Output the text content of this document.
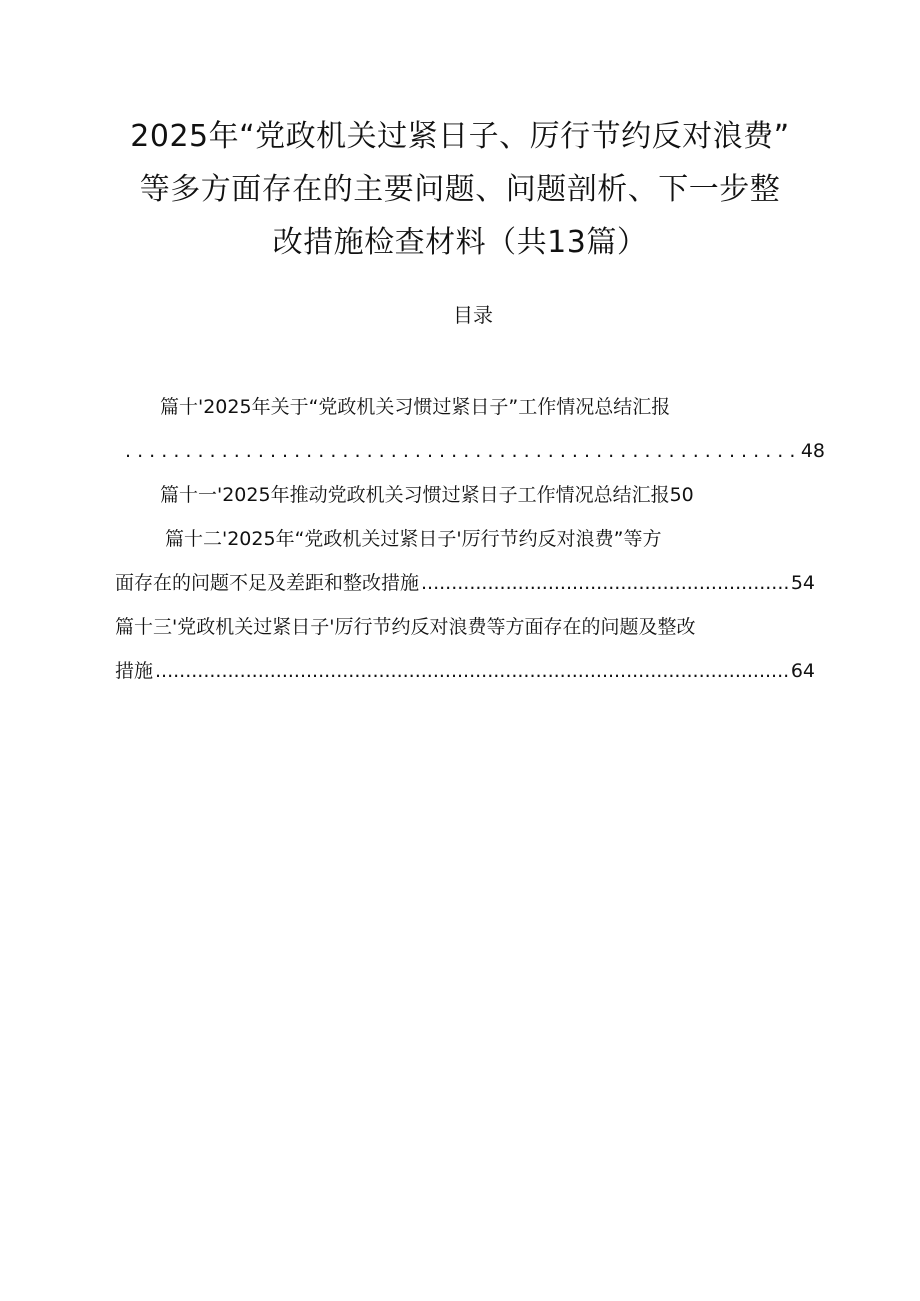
2025年“党政机关过紧日子、厉行节约反对浪费”
等多方面存在的主要问题、问题剖析、下一步整
改措施检查材料（共13篇）
目录
篇十'2025年关于“党政机关习惯过紧日子”工作情况总结汇报
. . .
48
篇十一'2025年推动党政机关习惯过紧日子工作情况总结汇报 50
篇十二'2025年“党政机关过紧日子'厉行节约反对浪费”等方
面存在的问题不足及差距和整改措施 .....	54
篇十三'党政机关过紧日子'厉行节约反对浪费等方面存在的问题及整改
措施 .....	64
